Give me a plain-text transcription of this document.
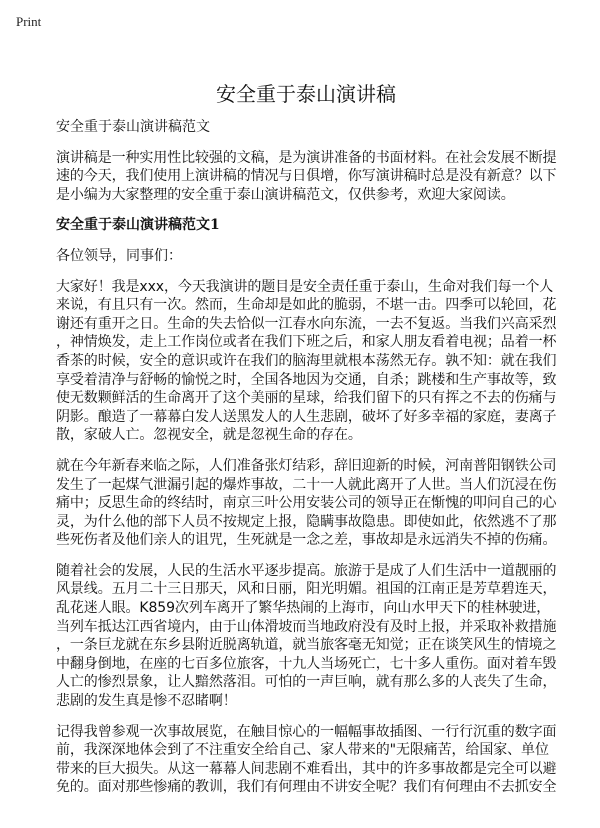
Print
安全重于泰山演讲稿
安全重于泰山演讲稿范文
演讲稿是一种实用性比较强的文稿，是为演讲准备的书面材料。在社会发展不断提
速的今天，我们使用上演讲稿的情况与日俱增，你写演讲稿时总是没有新意？以下
是小编为大家整理的安全重于泰山演讲稿范文，仅供参考，欢迎大家阅读。
安全重于泰山演讲稿范文1
各位领导，同事们：
大家好！我是xxx，今天我演讲的题目是安全责任重于泰山，生命对我们每一个人
来说，有且只有一次。然而，生命却是如此的脆弱，不堪一击。四季可以轮回，花
谢还有重开之日。生命的失去恰似一江春水向东流，一去不复返。当我们兴高采烈
，神情焕发，走上工作岗位或者在我们下班之后，和家人朋友看着电视；品着一杯
香茶的时候，安全的意识或许在我们的脑海里就根本荡然无存。孰不知：就在我们
享受着清净与舒畅的愉悦之时，全国各地因为交通，自杀；跳楼和生产事故等，致
使无数颗鲜活的生命离开了这个美丽的星球，给我们留下的只有挥之不去的伤痛与
阴影。酿造了一幕幕白发人送黑发人的人生悲剧，破坏了好多幸福的家庭，妻离子
散，家破人亡。忽视安全，就是忽视生命的存在。
就在今年新春来临之际，人们准备张灯结彩，辞旧迎新的时候，河南普阳钢铁公司
发生了一起煤气泄漏引起的爆炸事故，二十一人就此离开了人世。当人们沉浸在伤
痛中；反思生命的终结时，南京三叶公用安装公司的领导正在惭愧的叩问自己的心
灵，为什么他的部下人员不按规定上报，隐瞒事故隐患。即使如此，依然逃不了那
些死伤者及他们亲人的诅咒，生死就是一念之差，事故却是永远消失不掉的伤痛。
随着社会的发展，人民的生活水平逐步提高。旅游于是成了人们生活中一道靓丽的
风景线。五月二十三日那天，风和日丽，阳光明媚。祖国的江南正是芳草碧连天，
乱花迷人眼。K859次列车离开了繁华热闹的上海市，向山水甲天下的桂林驶进，
当列车抵达江西省境内，由于山体滑坡而当地政府没有及时上报，并采取补救措施
，一条巨龙就在东乡县附近脱离轨道，就当旅客毫无知觉；正在谈笑风生的情境之
中翻身倒地，在座的七百多位旅客，十九人当场死亡，七十多人重伤。面对着车毁
人亡的惨烈景象，让人黯然落泪。可怕的一声巨响，就有那么多的人丧失了生命，
悲剧的发生真是惨不忍睹啊！
记得我曾参观一次事故展览，在触目惊心的一幅幅事故插图、一行行沉重的数字面
前，我深深地体会到了不注重安全给自己、家人带来的"无限痛苦，给国家、单位
带来的巨大损失。从这一幕幕人间悲剧不难看出，其中的许多事故都是完全可以避
免的。面对那些惨痛的教训，我们有何理由不讲安全呢？我们有何理由不去抓安全
